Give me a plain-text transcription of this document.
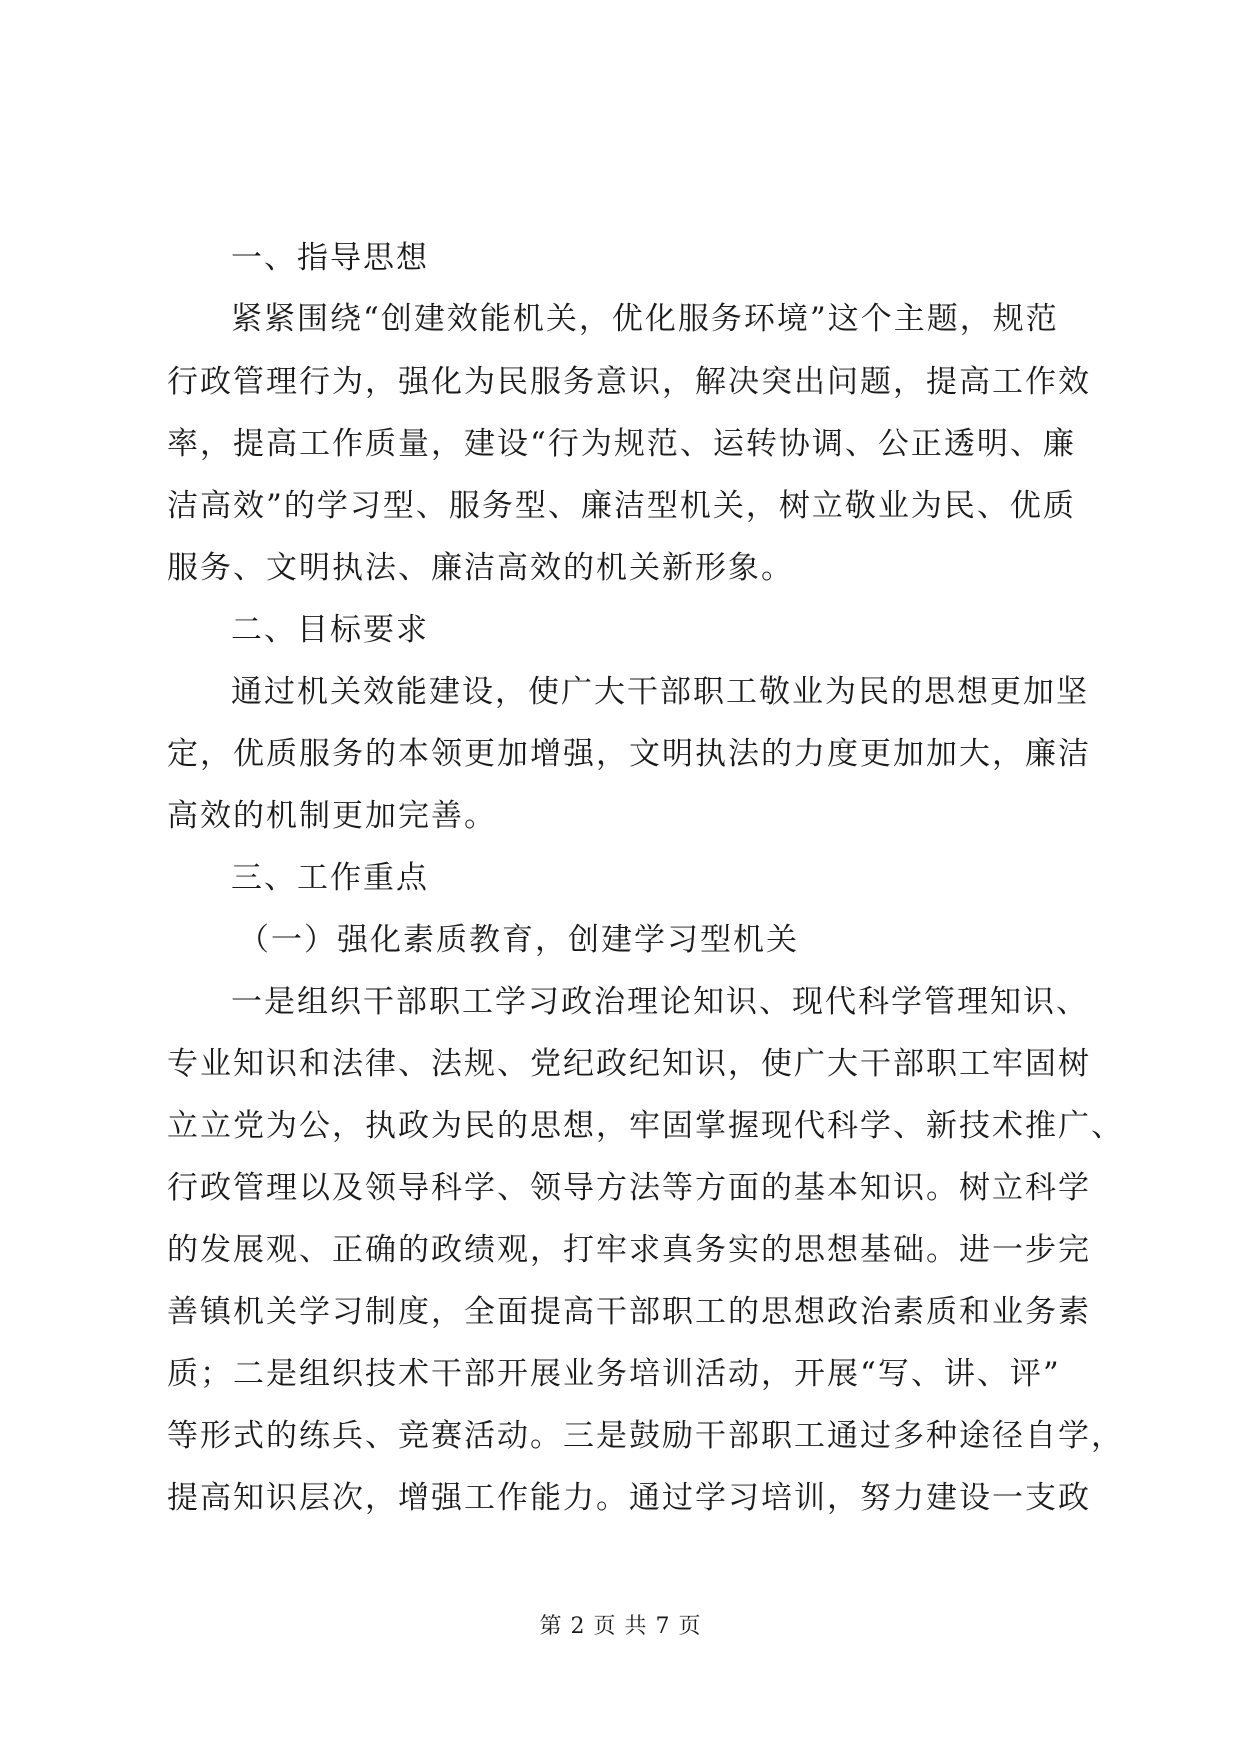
一、指导思想
紧紧围绕“创建效能机关，优化服务环境”这个主题，规范
行政管理行为，强化为民服务意识，解决突出问题，提高工作效
率，提高工作质量，建设“行为规范、运转协调、公正透明、廉
洁高效”的学习型、服务型、廉洁型机关，树立敬业为民、优质
服务、文明执法、廉洁高效的机关新形象。
二、目标要求
通过机关效能建设，使广大干部职工敬业为民的思想更加坚
定，优质服务的本领更加增强，文明执法的力度更加加大，廉洁
高效的机制更加完善。
三、工作重点
（一）强化素质教育，创建学习型机关
一是组织干部职工学习政治理论知识、现代科学管理知识、
专业知识和法律、法规、党纪政纪知识，使广大干部职工牢固树
立立党为公，执政为民的思想，牢固掌握现代科学、新技术推广、
行政管理以及领导科学、领导方法等方面的基本知识。树立科学
的发展观、正确的政绩观，打牢求真务实的思想基础。进一步完
善镇机关学习制度，全面提高干部职工的思想政治素质和业务素
质；二是组织技术干部开展业务培训活动，开展“写、讲、评”
等形式的练兵、竞赛活动。三是鼓励干部职工通过多种途径自学，
提高知识层次，增强工作能力。通过学习培训，努力建设一支政
第 2 页 共 7 页
